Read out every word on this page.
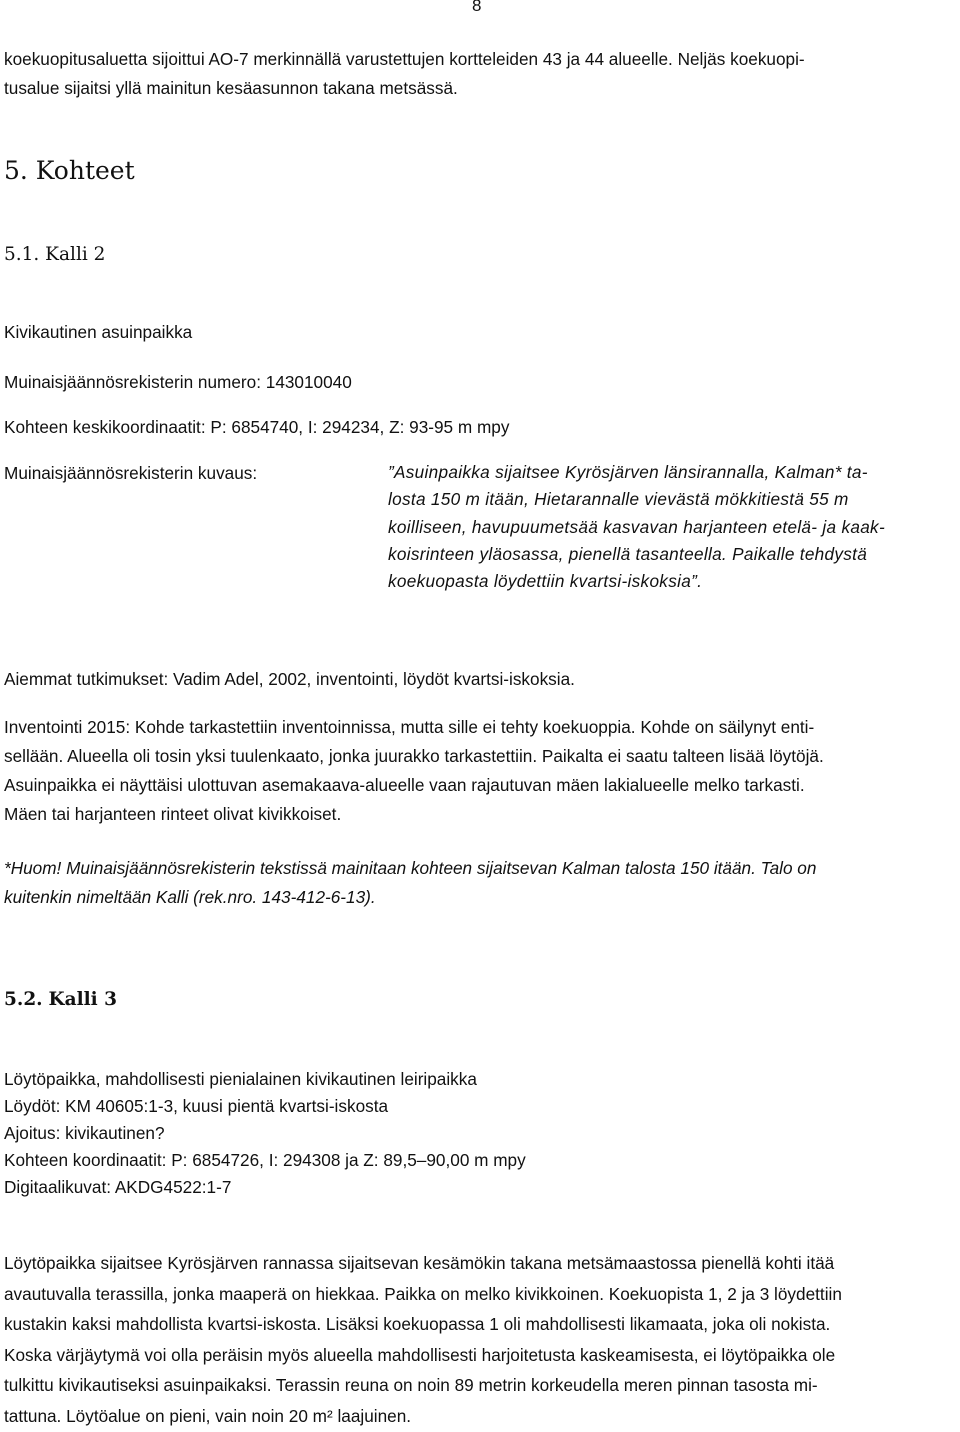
8
koekuopitusaluetta sijoittui AO-7 merkinnällä varustettujen kortteleiden 43 ja 44 alueelle. Neljäs koekuopi-
tusalue sijaitsi yllä mainitun kesäasunnon takana metsässä.
5. Kohteet
5.1. Kalli 2
Kivikautinen asuinpaikka
Muinaisjäännösrekisterin numero: 143010040
Kohteen keskikoordinaatit: P: 6854740, I: 294234, Z: 93-95 m mpy
Muinaisjäännösrekisterin kuvaus:	”Asuinpaikka sijaitsee Kyrösjärven länsirannalla, Kalman* ta-
losta 150 m itään, Hietarannalle vievästä mökkitiestä 55 m
koilliseen, havupuumetsää kasvavan harjanteen etelä- ja kaak-
koisrinteen yläosassa, pienellä tasanteella. Paikalle tehdystä
koekuopasta löydettiin kvartsi-iskoksia”.
Aiemmat tutkimukset: Vadim Adel, 2002, inventointi, löydöt kvartsi-iskoksia.
Inventointi 2015: Kohde tarkastettiin inventoinnissa, mutta sille ei tehty koekuoppia. Kohde on säilynyt enti-
sellään. Alueella oli tosin yksi tuulenkaato, jonka juurakko tarkastettiin. Paikalta ei saatu talteen lisää löytöjä.
Asuinpaikka ei näyttäisi ulottuvan asemakaava-alueelle vaan rajautuvan mäen lakialueelle melko tarkasti.
Mäen tai harjanteen rinteet olivat kivikkoiset.
*Huom! Muinaisjäännösrekisterin tekstissä mainitaan kohteen sijaitsevan Kalman talosta 150 itään. Talo on
kuitenkin nimeltään Kalli (rek.nro. 143-412-6-13).
5.2. Kalli 3
Löytöpaikka, mahdollisesti pienialainen kivikautinen leiripaikka
Löydöt: KM 40605:1-3, kuusi pientä kvartsi-iskosta
Ajoitus: kivikautinen?
Kohteen koordinaatit: P: 6854726, I: 294308 ja Z: 89,5–90,00 m mpy
Digitaalikuvat: AKDG4522:1-7
Löytöpaikka sijaitsee Kyrösjärven rannassa sijaitsevan kesämökin takana metsämaastossa pienellä kohti itää
avautuvalla terassilla, jonka maaperä on hiekkaa. Paikka on melko kivikkoinen. Koekuopista 1, 2 ja 3 löydettiin
kustakin kaksi mahdollista kvartsi-iskosta. Lisäksi koekuopassa 1 oli mahdollisesti likamaata, joka oli nokista.
Koska värjäytymä voi olla peräisin myös alueella mahdollisesti harjoitetusta kaskeamisesta, ei löytöpaikka ole
tulkittu kivikautiseksi asuinpaikaksi. Terassin reuna on noin 89 metrin korkeudella meren pinnan tasosta mi-
tattuna. Löytöalue on pieni, vain noin 20 m² laajuinen.
